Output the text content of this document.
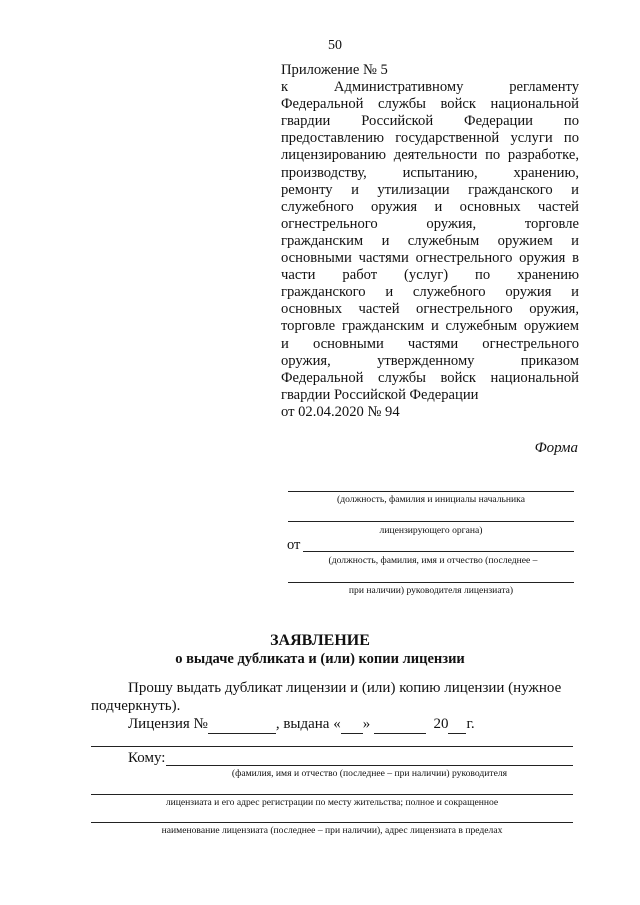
50
Приложение № 5
к Административному регламенту
Федеральной службы войск национальной
гвардии Российской Федерации по
предоставлению государственной услуги по
лицензированию деятельности по разработке,
производству, испытанию, хранению,
ремонту и утилизации гражданского и
служебного оружия и основных частей
огнестрельного оружия, торговле
гражданским и служебным оружием и
основными частями огнестрельного оружия в
части работ (услуг) по хранению
гражданского и служебного оружия и
основных частей огнестрельного оружия,
торговле гражданским и служебным оружием
и основными частями огнестрельного
оружия, утвержденному приказом
Федеральной службы войск национальной
гвардии Российской Федерации
от 02.04.2020 № 94
Форма
(должность, фамилия и инициалы начальника
лицензирующего органа)
от
(должность, фамилия, имя и отчество (последнее –
при наличии) руководителя лицензиата)
ЗАЯВЛЕНИЕ
о выдаче дубликата и (или) копии лицензии
Прошу выдать дубликат лицензии и (или) копию лицензии (нужное
подчеркнуть).
Лицензия №	, выдана « »	20 г.
Кому:
(фамилия, имя и отчество (последнее – при наличии) руководителя
лицензиата и его адрес регистрации по месту жительства; полное и сокращенное
наименование лицензиата (последнее – при наличии), адрес лицензиата в пределах
